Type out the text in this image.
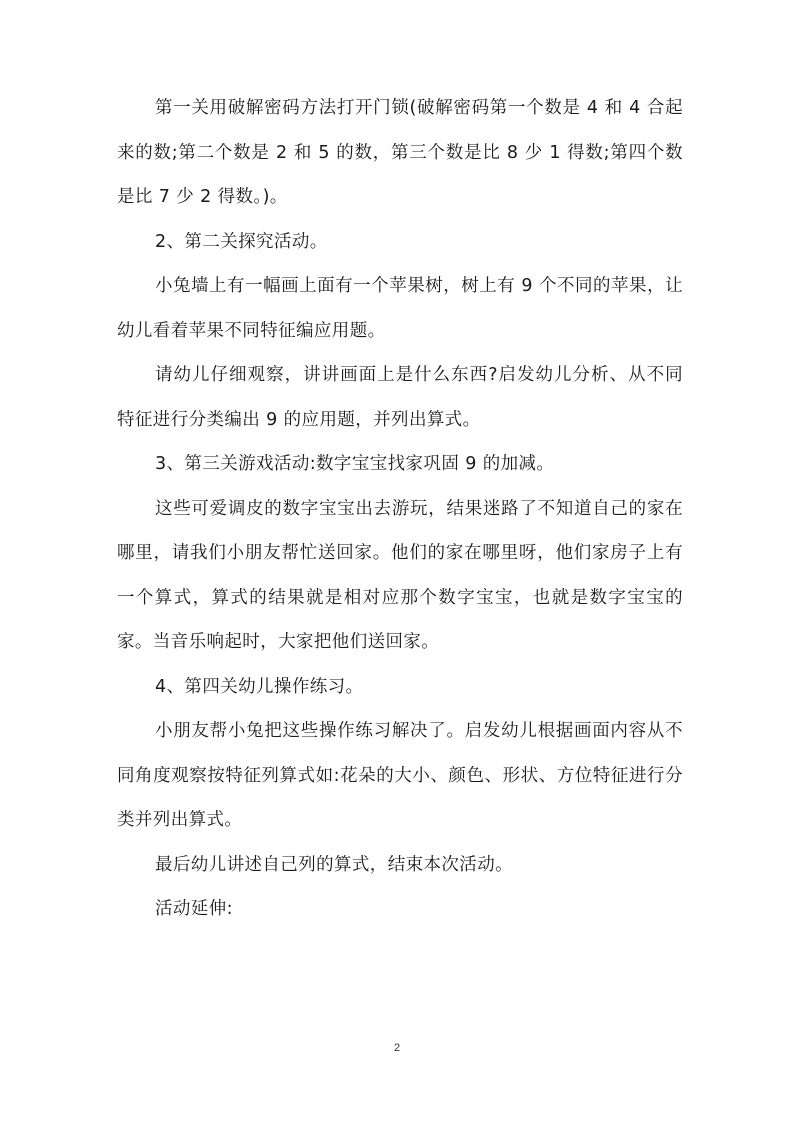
第一关用破解密码方法打开门锁(破解密码第一个数是 4 和 4 合起来的数;第二个数是 2 和 5 的数，第三个数是比 8 少 1 得数;第四个数是比 7 少 2 得数。)。

2、第二关探究活动。

小兔墙上有一幅画上面有一个苹果树，树上有 9 个不同的苹果，让幼儿看着苹果不同特征编应用题。

请幼儿仔细观察，讲讲画面上是什么东西?启发幼儿分析、从不同特征进行分类编出 9 的应用题，并列出算式。

3、第三关游戏活动:数字宝宝找家巩固 9 的加减。

这些可爱调皮的数字宝宝出去游玩，结果迷路了不知道自己的家在哪里，请我们小朋友帮忙送回家。他们的家在哪里呀，他们家房子上有一个算式，算式的结果就是相对应那个数字宝宝，也就是数字宝宝的家。当音乐响起时，大家把他们送回家。

4、第四关幼儿操作练习。

小朋友帮小兔把这些操作练习解决了。启发幼儿根据画面内容从不同角度观察按特征列算式如:花朵的大小、颜色、形状、方位特征进行分类并列出算式。

最后幼儿讲述自己列的算式，结束本次活动。

活动延伸:

2
